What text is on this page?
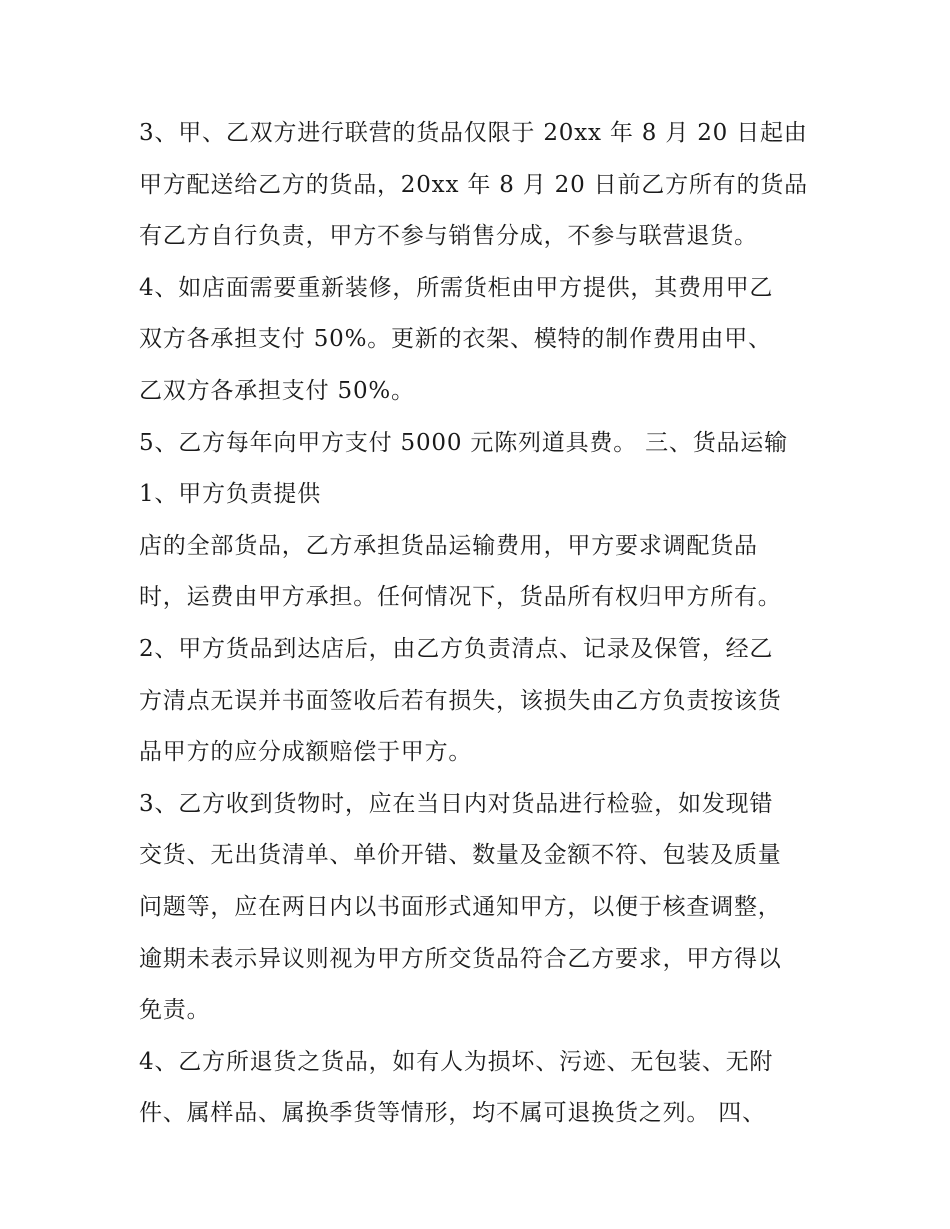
3、甲、乙双方进行联营的货品仅限于 20xx 年 8 月 20 日起由
甲方配送给乙方的货品，20xx 年 8 月 20 日前乙方所有的货品
有乙方自行负责，甲方不参与销售分成，不参与联营退货。
4、如店面需要重新装修，所需货柜由甲方提供，其费用甲乙
双方各承担支付 50%。更新的衣架、模特的制作费用由甲、
乙双方各承担支付 50%。
5、乙方每年向甲方支付 5000 元陈列道具费。 三、货品运输
1、甲方负责提供
店的全部货品，乙方承担货品运输费用，甲方要求调配货品
时，运费由甲方承担。任何情况下，货品所有权归甲方所有。
2、甲方货品到达店后，由乙方负责清点、记录及保管，经乙
方清点无误并书面签收后若有损失，该损失由乙方负责按该货
品甲方的应分成额赔偿于甲方。
3、乙方收到货物时，应在当日内对货品进行检验，如发现错
交货、无出货清单、单价开错、数量及金额不符、包装及质量
问题等，应在两日内以书面形式通知甲方，以便于核查调整，
逾期未表示异议则视为甲方所交货品符合乙方要求，甲方得以
免责。
4、乙方所退货之货品，如有人为损坏、污迹、无包装、无附
件、属样品、属换季货等情形，均不属可退换货之列。 四、
